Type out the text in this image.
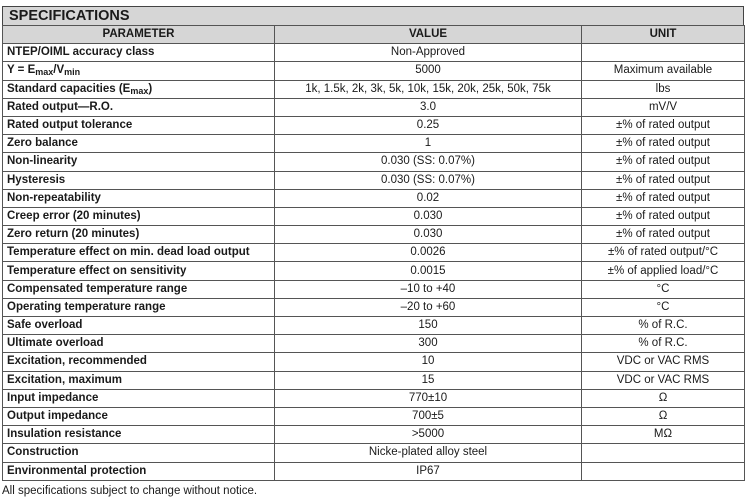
SPECIFICATIONS
PARAMETER	VALUE	UNIT
NTEP/OIML accuracy class	Non-Approved	
$Y = E_{max}/V_{min}$	5000	Maximum available
Standard capacities $(E_{max})$	1k, 1.5k, 2k, 3k, 5k, 10k, 15k, 20k, 25k, 50k, 75k	lbs
Rated output—R.O.	3.0	mV/V
Rated output tolerance	0.25	±% of rated output
Zero balance	1	±% of rated output
Non-linearity	0.030 (SS: 0.07%)	±% of rated output
Hysteresis	0.030 (SS: 0.07%)	±% of rated output
Non-repeatability	0.02	±% of rated output
Creep error (20 minutes)	0.030	±% of rated output
Zero return (20 minutes)	0.030	±% of rated output
Temperature effect on min. dead load output	0.0026	±% of rated output/°C
Temperature effect on sensitivity	0.0015	±% of applied load/°C
Compensated temperature range	–10 to +40	°C
Operating temperature range	–20 to +60	°C
Safe overload	150	% of R.C.
Ultimate overload	300	% of R.C.
Excitation, recommended	10	VDC or VAC RMS
Excitation, maximum	15	VDC or VAC RMS
Input impedance	770±10	Ω
Output impedance	700±5	Ω
Insulation resistance	>5000	MΩ
Construction	Nicke-plated alloy steel	
Environmental protection	IP67	
All specifications subject to change without notice.
